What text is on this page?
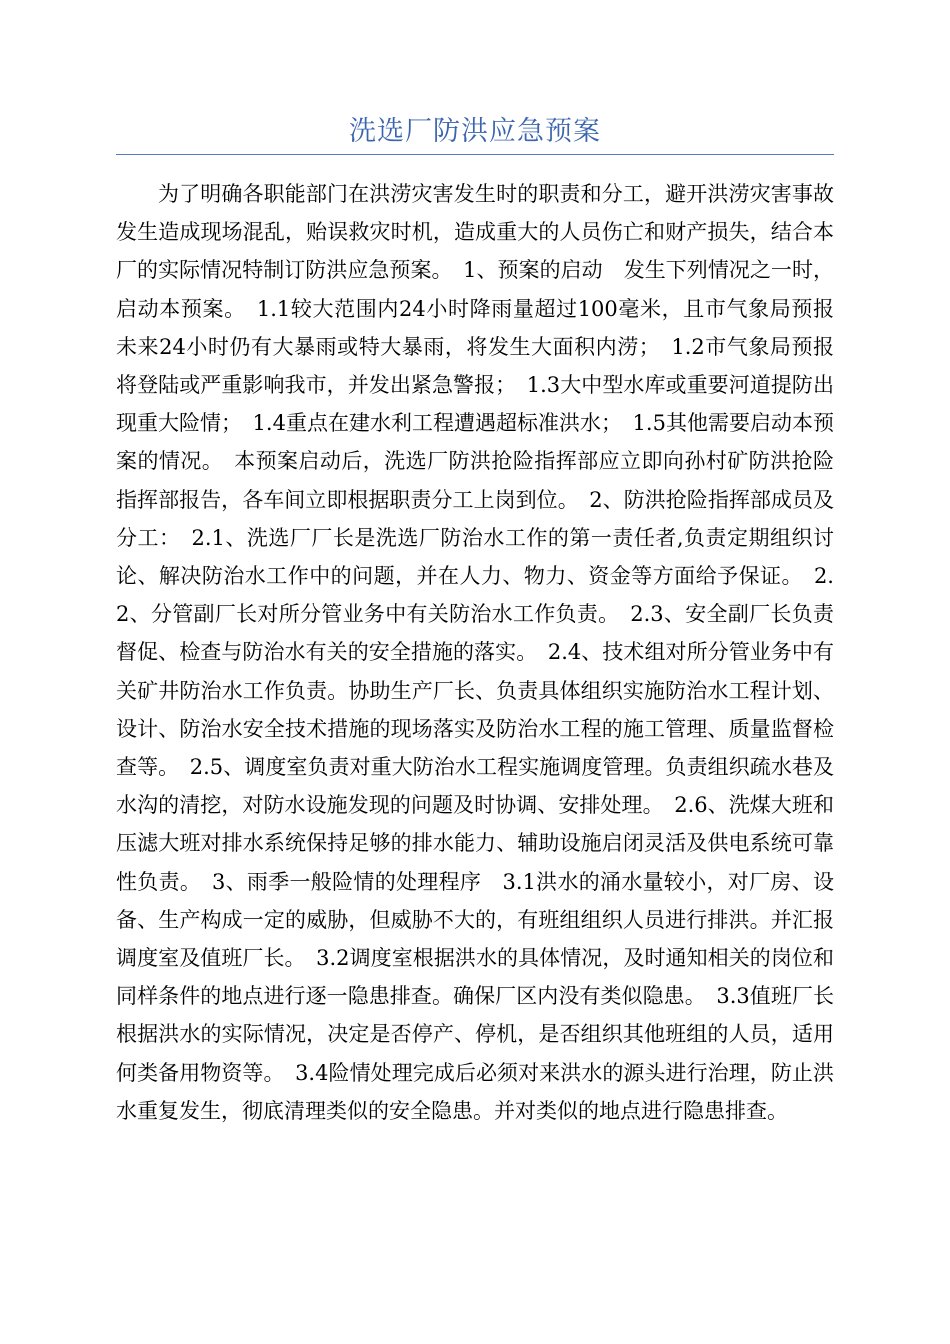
洗选厂防洪应急预案

为了明确各职能部门在洪涝灾害发生时的职责和分工，避开洪涝灾害事故发生造成现场混乱，贻误救灾时机，造成重大的人员伤亡和财产损失，结合本厂的实际情况特制订防洪应急预案。　1、预案的启动　发生下列情况之一时，启动本预案。　1.1较大范围内24小时降雨量超过100毫米，且市气象局预报未来24小时仍有大暴雨或特大暴雨，将发生大面积内涝；　1.2市气象局预报将登陆或严重影响我市，并发出紧急警报；　1.3大中型水库或重要河道提防出现重大险情；　1.4重点在建水利工程遭遇超标准洪水；　1.5其他需要启动本预案的情况。　本预案启动后，洗选厂防洪抢险指挥部应立即向孙村矿防洪抢险指挥部报告，各车间立即根据职责分工上岗到位。　2、防洪抢险指挥部成员及分工：　2.1、洗选厂厂长是洗选厂防治水工作的第一责任者,负责定期组织讨论、解决防治水工作中的问题，并在人力、物力、资金等方面给予保证。　2.2、分管副厂长对所分管业务中有关防治水工作负责。　2.3、安全副厂长负责督促、检查与防治水有关的安全措施的落实。　2.4、技术组对所分管业务中有关矿井防治水工作负责。协助生产厂长、负责具体组织实施防治水工程计划、设计、防治水安全技术措施的现场落实及防治水工程的施工管理、质量监督检查等。　2.5、调度室负责对重大防治水工程实施调度管理。负责组织疏水巷及水沟的清挖，对防水设施发现的问题及时协调、安排处理。　2.6、洗煤大班和压滤大班对排水系统保持足够的排水能力、辅助设施启闭灵活及供电系统可靠性负责。　3、雨季一般险情的处理程序　3.1洪水的涌水量较小，对厂房、设备、生产构成一定的威胁，但威胁不大的，有班组组织人员进行排洪。并汇报调度室及值班厂长。　3.2调度室根据洪水的具体情况，及时通知相关的岗位和同样条件的地点进行逐一隐患排查。确保厂区内没有类似隐患。　3.3值班厂长根据洪水的实际情况，决定是否停产、停机，是否组织其他班组的人员，适用何类备用物资等。　3.4险情处理完成后必须对来洪水的源头进行治理，防止洪水重复发生，彻底清理类似的安全隐患。并对类似的地点进行隐患排查。
